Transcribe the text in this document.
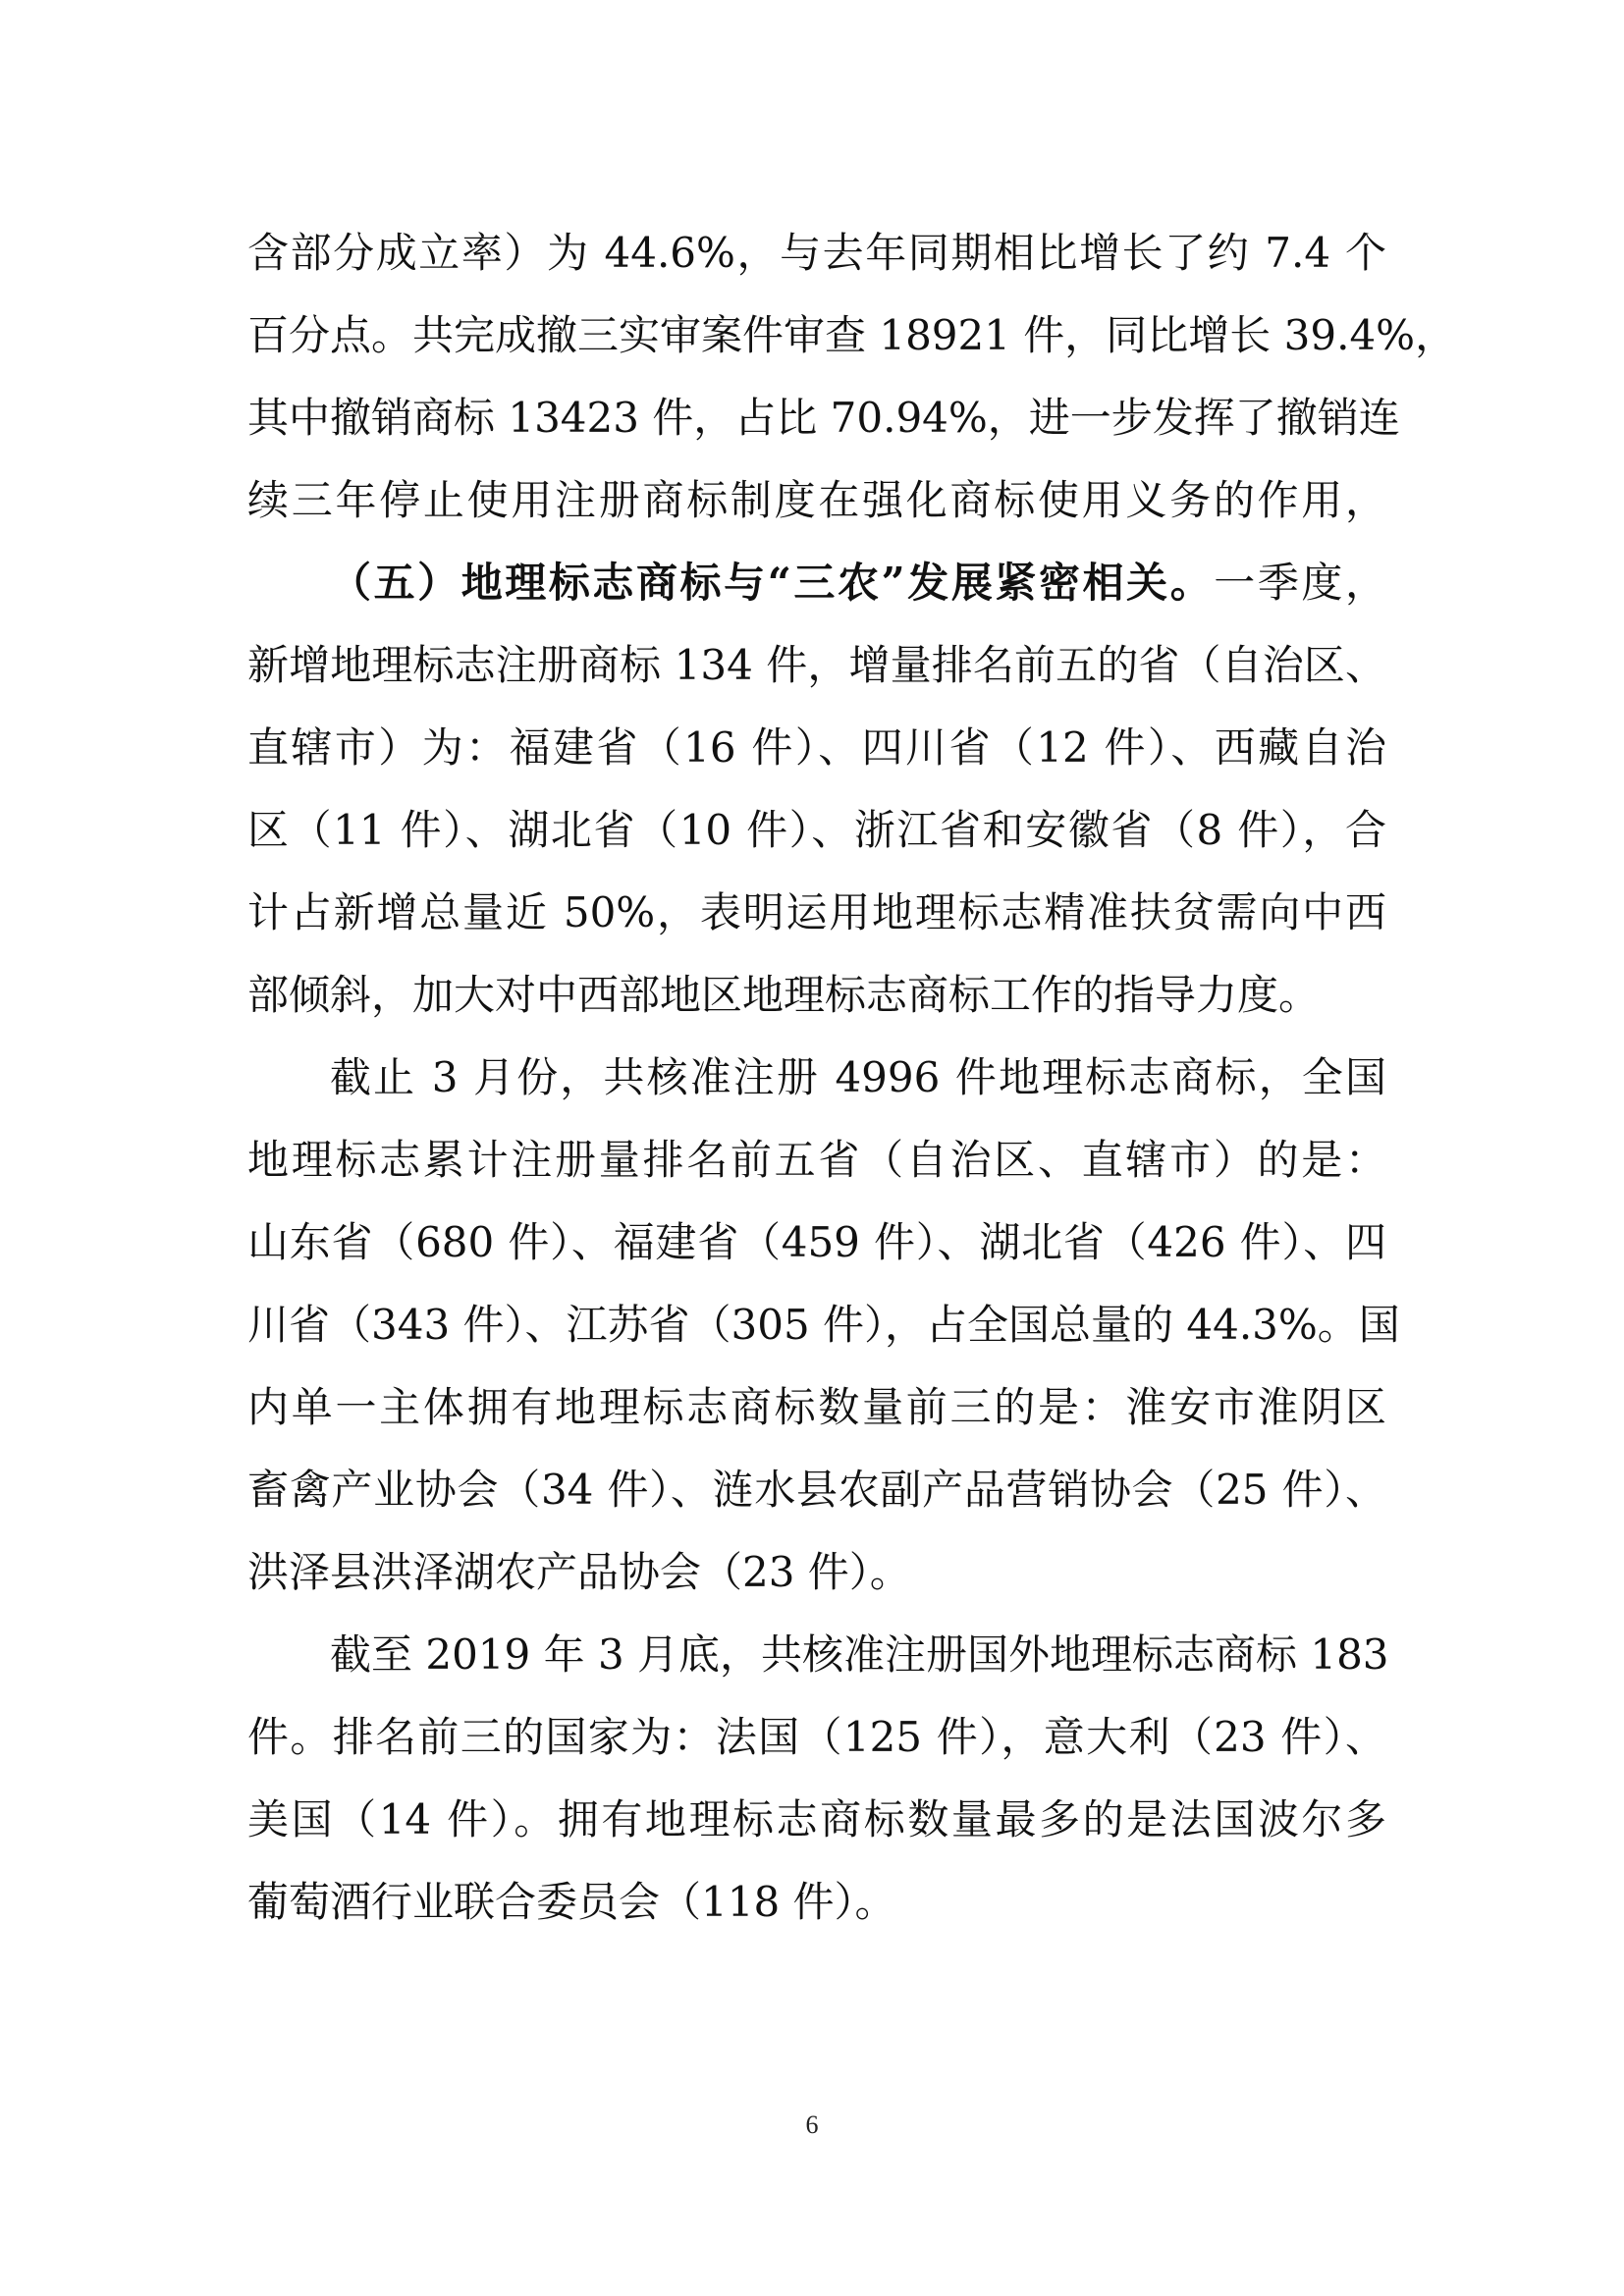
含部分成立率）为 44.6%，与去年同期相比增长了约 7.4 个
百分点。共完成撤三实审案件审查 18921 件，同比增长 39.4%，
其中撤销商标 13423 件，占比 70.94%，进一步发挥了撤销连
续三年停止使用注册商标制度在强化商标使用义务的作用，
（五）地理标志商标与“三农”发展紧密相关。一季度，
新增地理标志注册商标 134 件，增量排名前五的省（自治区、
直辖市）为：福建省（16 件）、四川省（12 件）、西藏自治
区（11 件）、湖北省（10 件）、浙江省和安徽省（8 件），合
计占新增总量近 50%，表明运用地理标志精准扶贫需向中西
部倾斜，加大对中西部地区地理标志商标工作的指导力度。
截止 3 月份，共核准注册 4996 件地理标志商标，全国
地理标志累计注册量排名前五省（自治区、直辖市）的是：
山东省（680 件）、福建省（459 件）、湖北省（426 件）、四
川省（343 件）、江苏省（305 件），占全国总量的 44.3%。国
内单一主体拥有地理标志商标数量前三的是：淮安市淮阴区
畜禽产业协会（34 件）、涟水县农副产品营销协会（25 件）、
洪泽县洪泽湖农产品协会（23 件）。
截至 2019 年 3 月底，共核准注册国外地理标志商标 183
件。排名前三的国家为：法国（125 件），意大利（23 件）、
美国（14 件）。拥有地理标志商标数量最多的是法国波尔多
葡萄酒行业联合委员会（118 件）。
6
